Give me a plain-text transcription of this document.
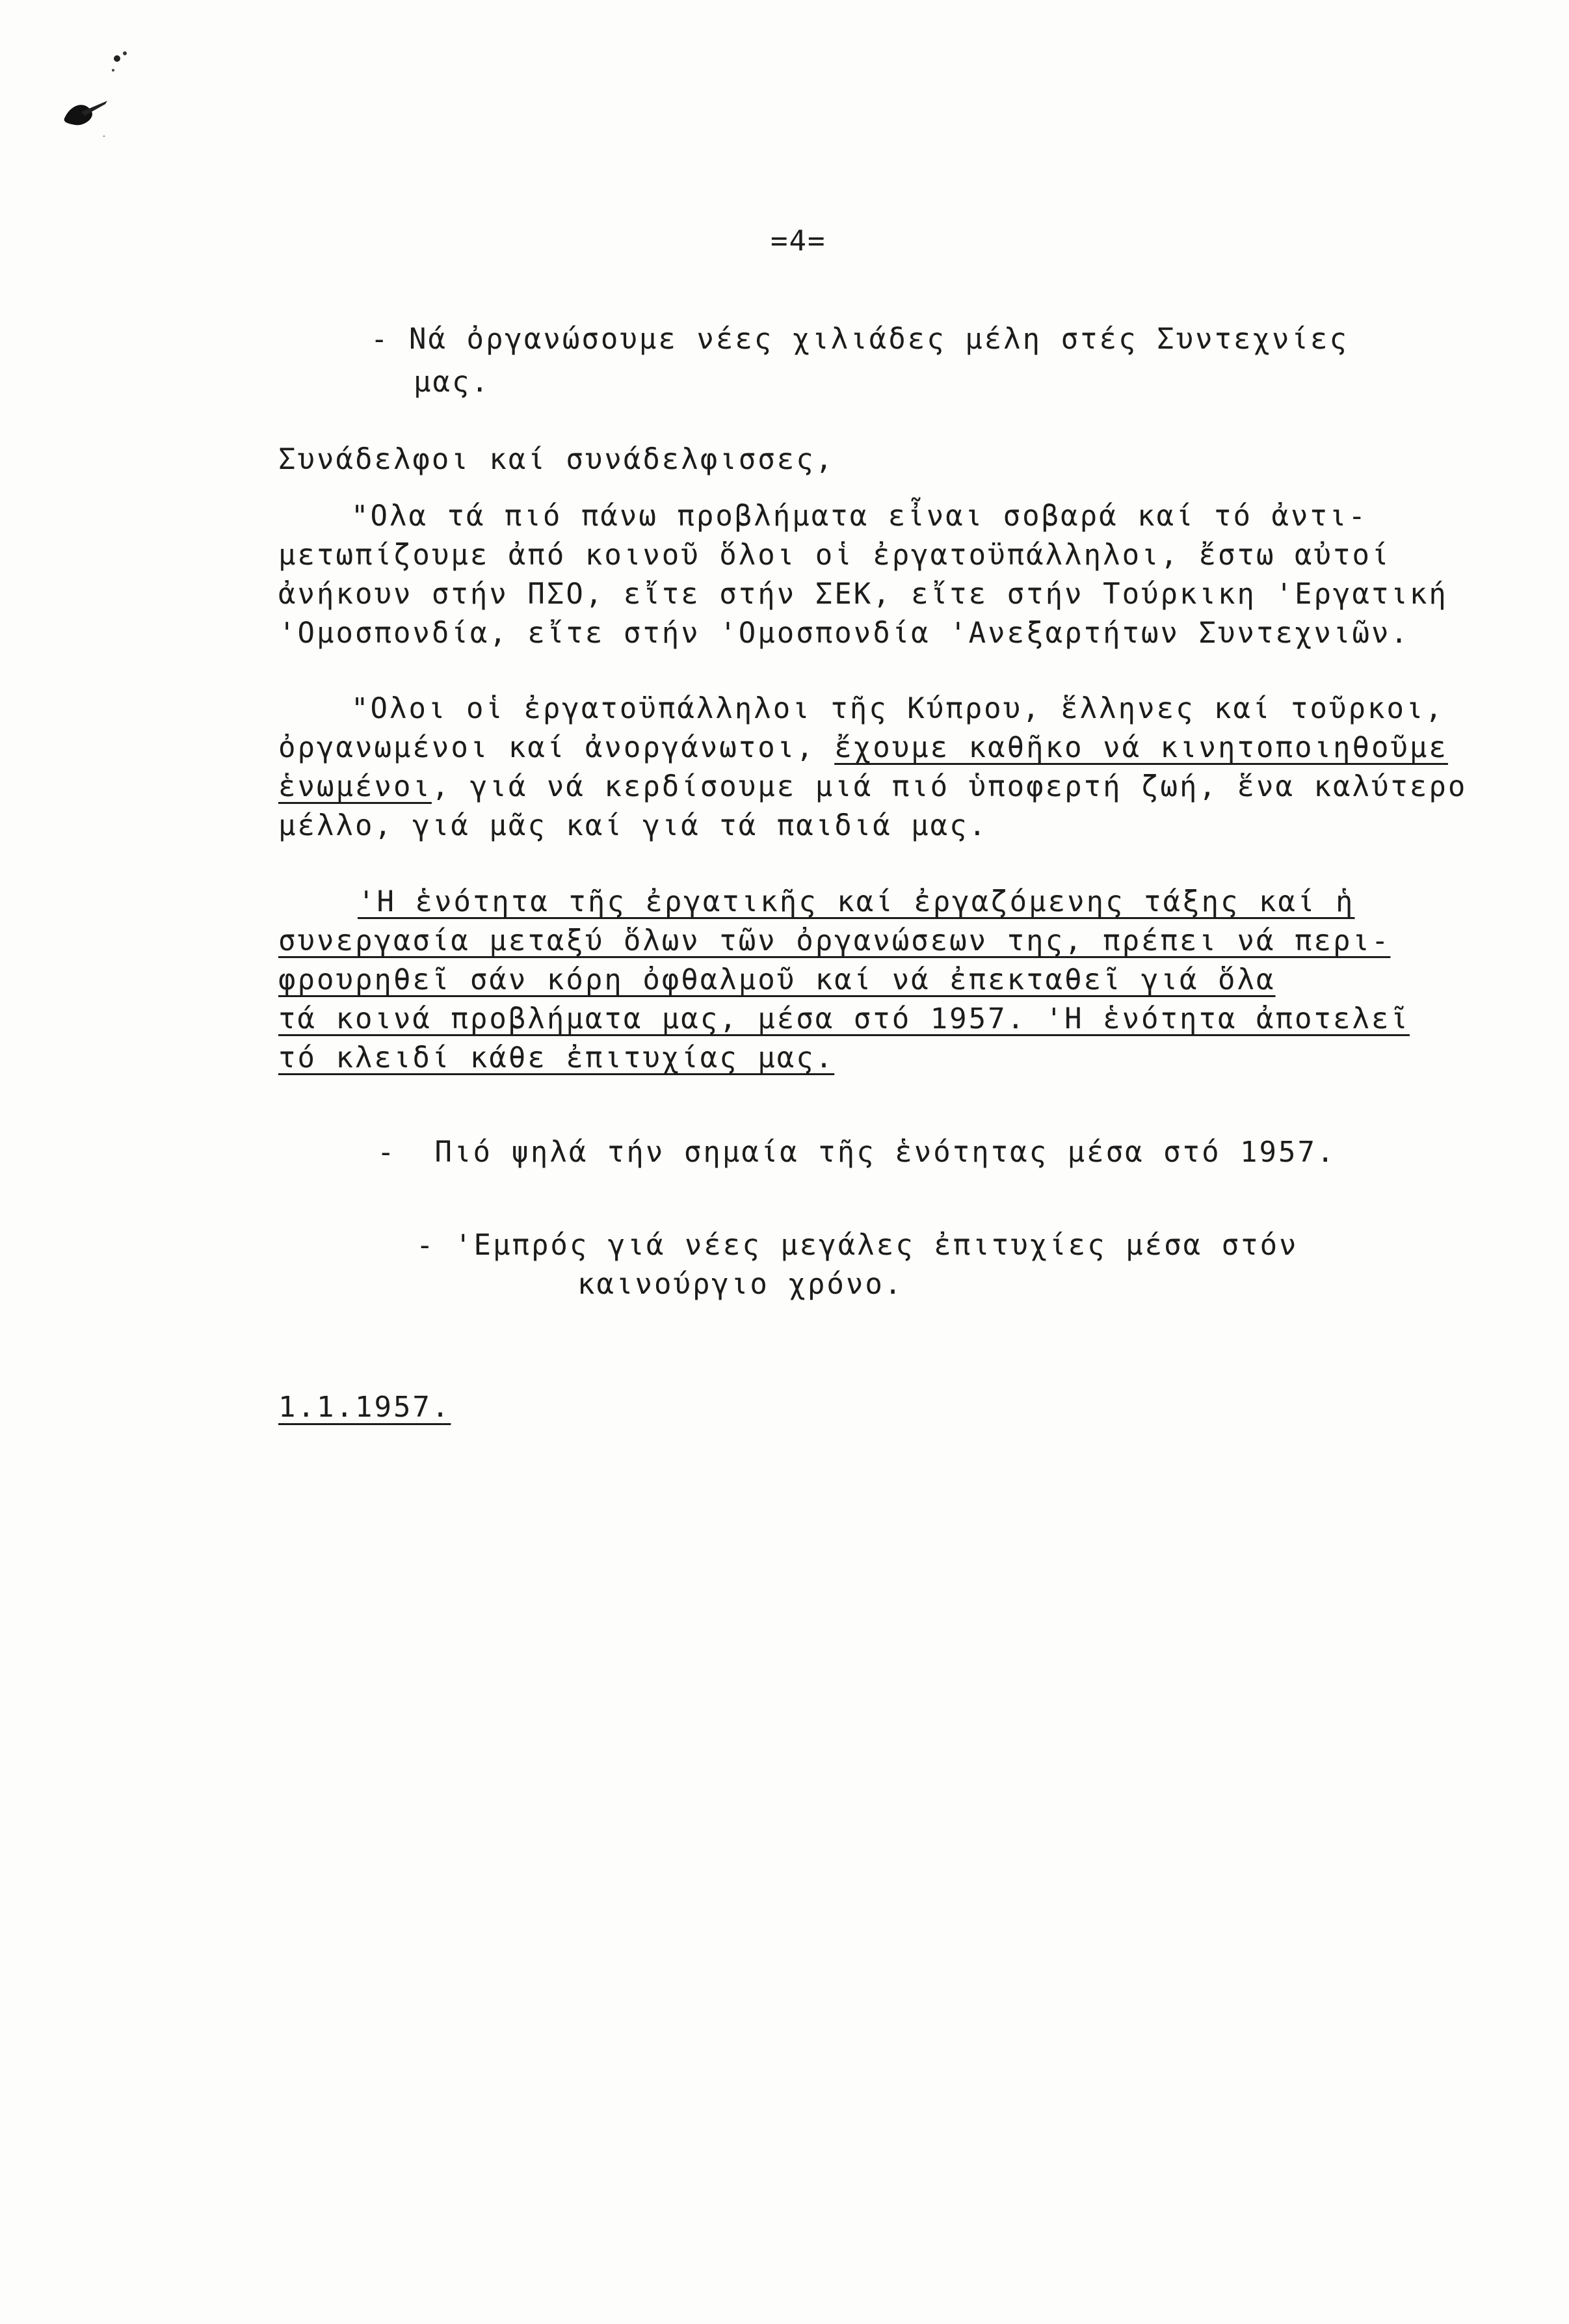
=4=
- Νά ὀργανώσουμε νέες χιλιάδες μέλη στές Συντεχνίες
μας.
Συνάδελφοι καί συνάδελφισσες,
"Ολα τά πιό πάνω προβλήματα εἶναι σοβαρά καί τό ἀντι-
μετωπίζουμε ἀπό κοινοῦ ὅλοι οἱ ἐργατοϋπάλληλοι, ἔστω αὐτοί
ἀνήκουν στήν ΠΣΟ, εἴτε στήν ΣΕΚ, εἴτε στήν Τούρκικη 'Εργατική
'Ομοσπονδία, εἴτε στήν 'Ομοσπονδία 'Ανεξαρτήτων Συντεχνιῶν.
"Ολοι οἱ ἐργατοϋπάλληλοι τῆς Κύπρου, ἕλληνες καί τοῦρκοι,
ὀργανωμένοι καί ἀνοργάνωτοι, ἔχουμε καθῆκο νά κινητοποιηθοῦμε
ἑνωμένοι, γιά νά κερδίσουμε μιά πιό ὑποφερτή ζωή, ἕνα καλύτερο
μέλλο, γιά μᾶς καί γιά τά παιδιά μας.
'Η ἑνότητα τῆς ἐργατικῆς καί ἐργαζόμενης τάξης καί ἡ
συνεργασία μεταξύ ὅλων τῶν ὀργανώσεων της, πρέπει νά περι-
φρουρηθεῖ σάν κόρη ὀφθαλμοῦ καί νά ἐπεκταθεῖ γιά ὅλα
τά κοινά προβλήματα μας, μέσα στό 1957. 'Η ἑνότητα ἀποτελεῖ
τό κλειδί κάθε ἐπιτυχίας μας.
-  Πιό ψηλά τήν σημαία τῆς ἑνότητας μέσα στό 1957.
- 'Εμπρός γιά νέες μεγάλες ἐπιτυχίες μέσα στόν
καινούργιο χρόνο.
1.1.1957.
